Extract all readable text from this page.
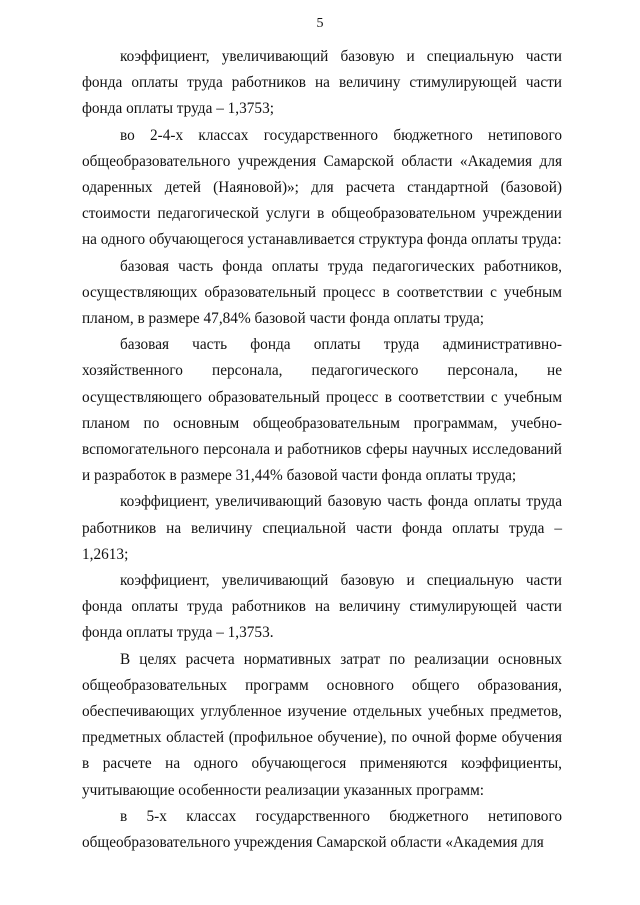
5

коэффициент, увеличивающий базовую и специальную части фонда оплаты труда работников на величину стимулирующей части фонда оплаты труда – 1,3753;

во 2-4-х классах государственного бюджетного нетипового общеобразовательного учреждения Самарской области «Академия для одаренных детей (Наяновой)»; для расчета стандартной (базовой) стоимости педагогической услуги в общеобразовательном учреждении на одного обучающегося устанавливается структура фонда оплаты труда:

базовая часть фонда оплаты труда педагогических работников, осуществляющих образовательный процесс в соответствии с учебным планом, в размере 47,84% базовой части фонда оплаты труда;

базовая часть фонда оплаты труда административно-хозяйственного персонала, педагогического персонала, не осуществляющего образовательный процесс в соответствии с учебным планом по основным общеобразовательным программам, учебно-вспомогательного персонала и работников сферы научных исследований и разработок в размере 31,44% базовой части фонда оплаты труда;

коэффициент, увеличивающий базовую часть фонда оплаты труда работников на величину специальной части фонда оплаты труда – 1,2613;

коэффициент, увеличивающий базовую и специальную части фонда оплаты труда работников на величину стимулирующей части фонда оплаты труда – 1,3753.

В целях расчета нормативных затрат по реализации основных общеобразовательных программ основного общего образования, обеспечивающих углубленное изучение отдельных учебных предметов, предметных областей (профильное обучение), по очной форме обучения в расчете на одного обучающегося применяются коэффициенты, учитывающие особенности реализации указанных программ:

в 5-х классах государственного бюджетного нетипового общеобразовательного учреждения Самарской области «Академия для
